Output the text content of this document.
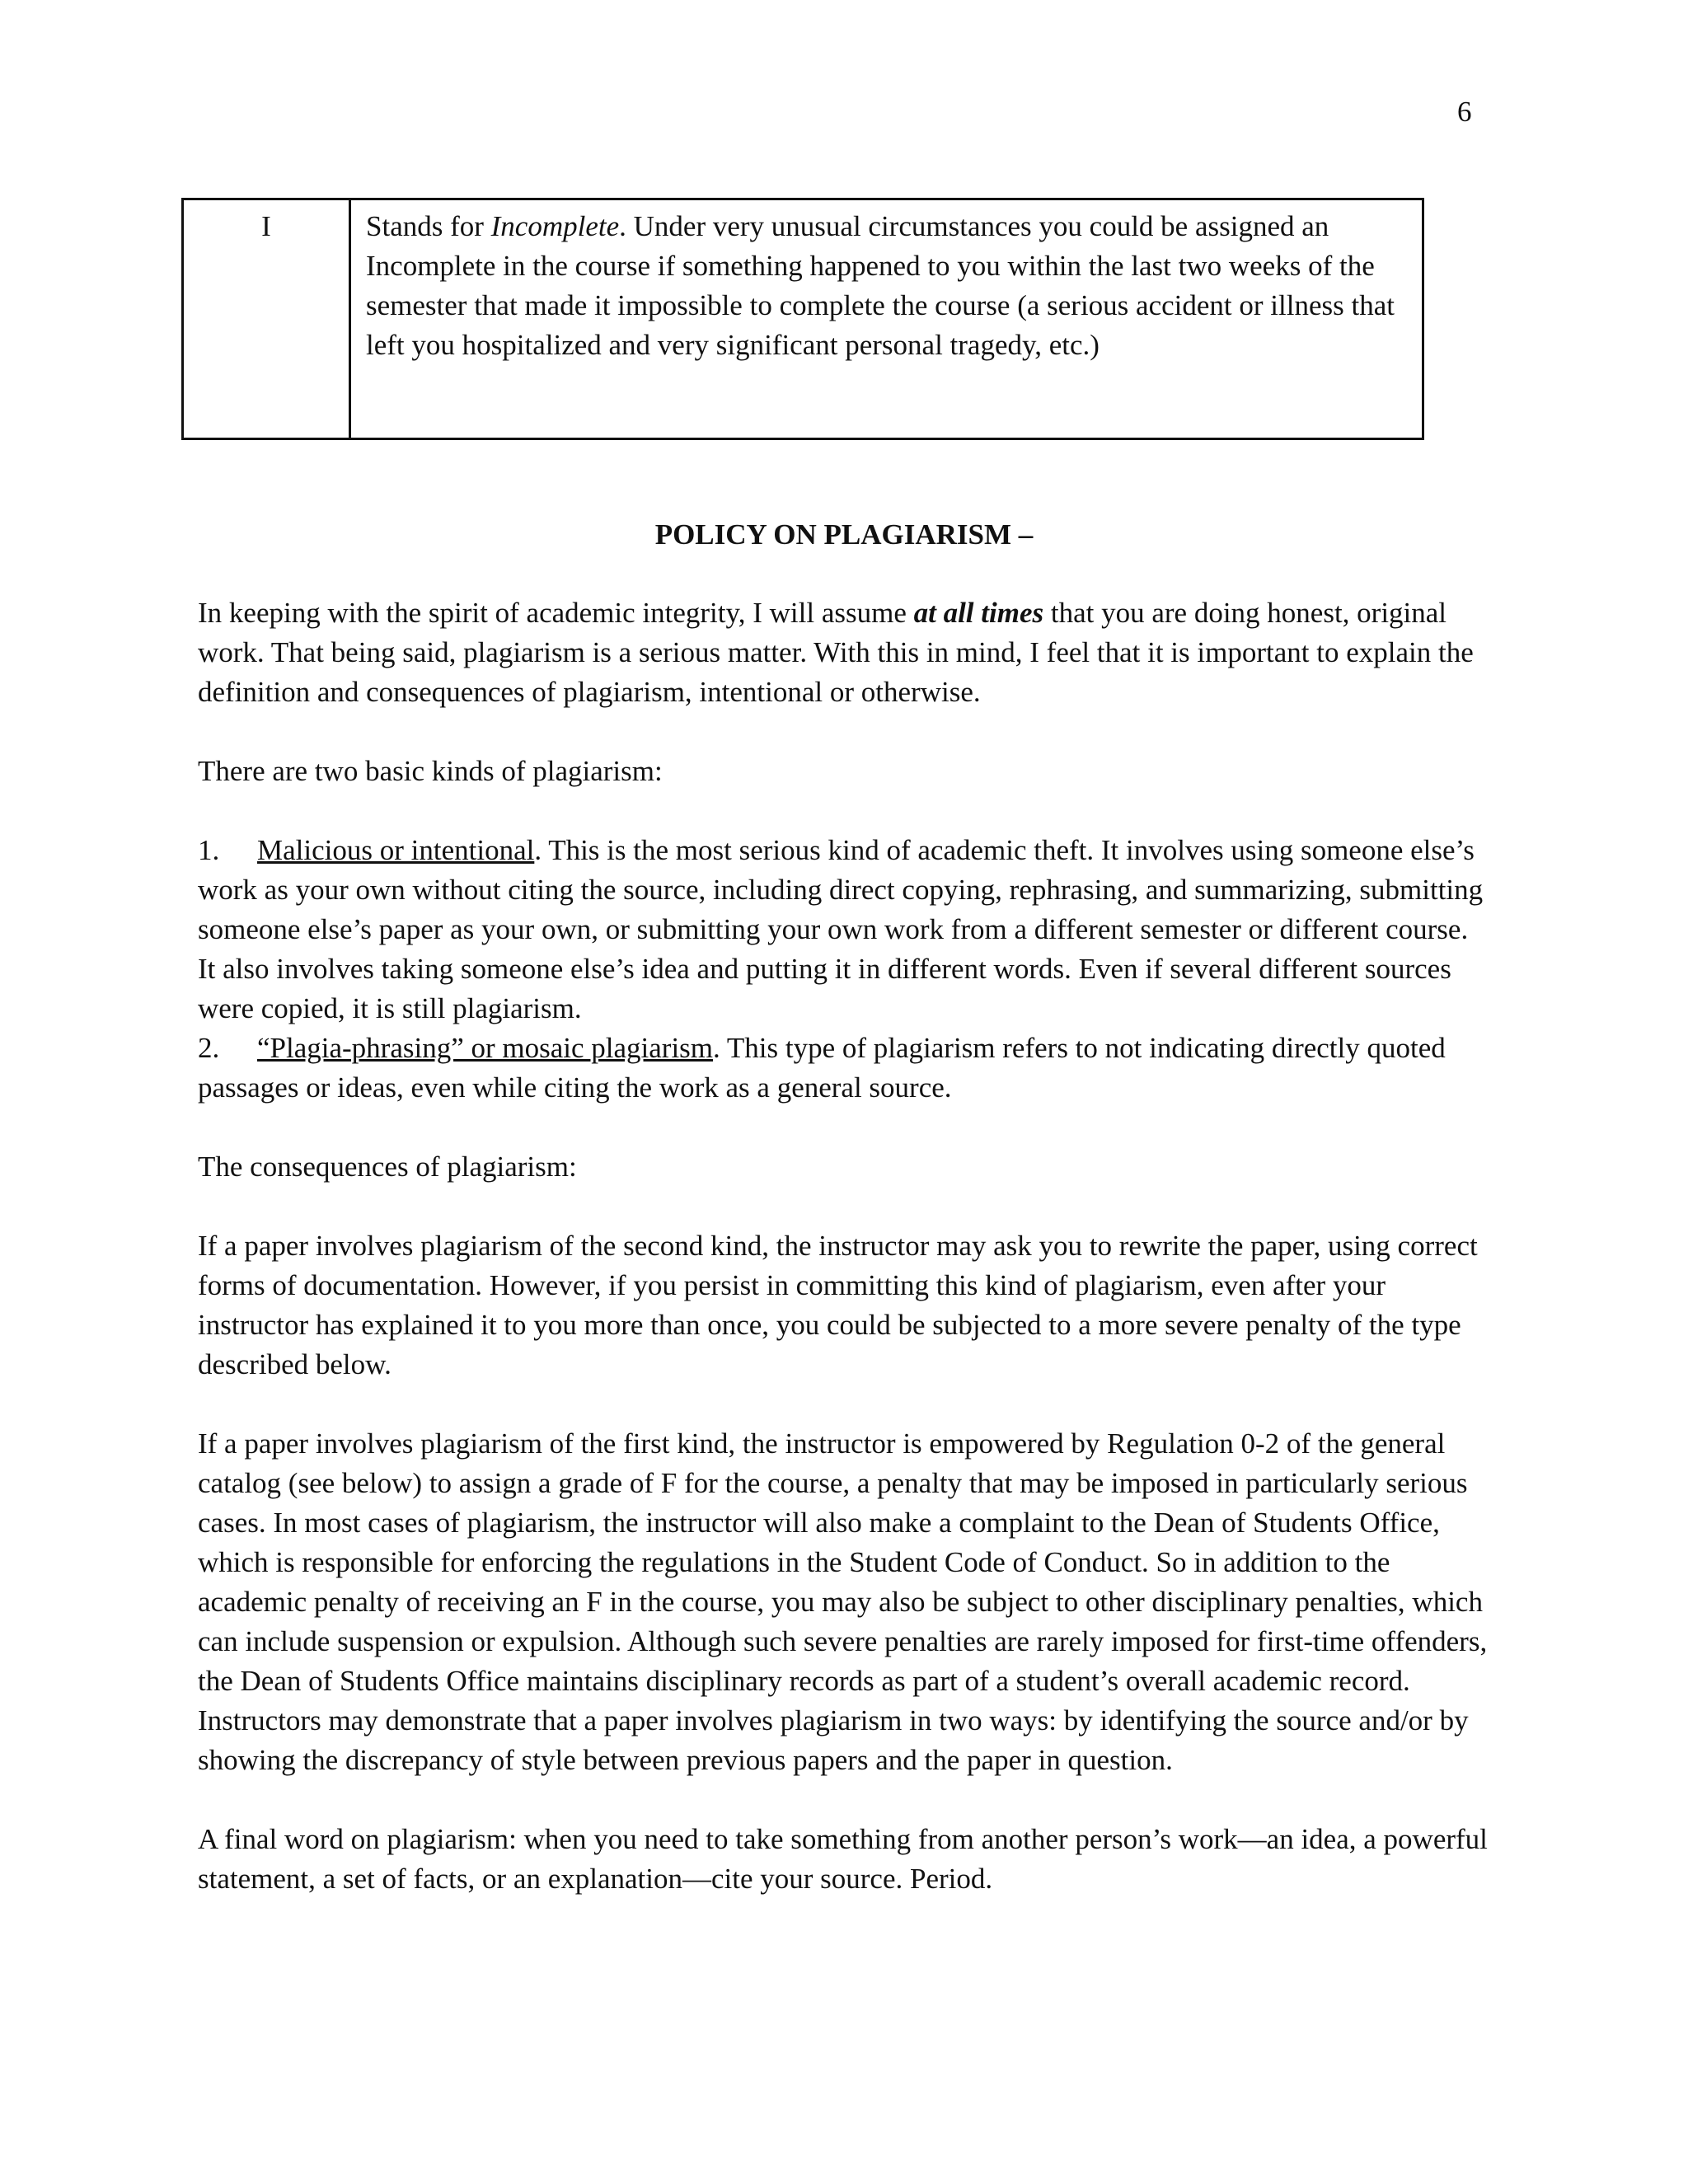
6
I	Stands for Incomplete. Under very unusual circumstances you could be assigned an Incomplete in the course if something happened to you within the last two weeks of the semester that made it impossible to complete the course (a serious accident or illness that left you hospitalized and very significant personal tragedy, etc.)
POLICY ON PLAGIARISM –

In keeping with the spirit of academic integrity, I will assume at all times that you are doing honest, original work. That being said, plagiarism is a serious matter. With this in mind, I feel that it is important to explain the definition and consequences of plagiarism, intentional or otherwise.

There are two basic kinds of plagiarism:

1. Malicious or intentional. This is the most serious kind of academic theft. It involves using someone else’s work as your own without citing the source, including direct copying, rephrasing, and summarizing, submitting someone else’s paper as your own, or submitting your own work from a different semester or different course. It also involves taking someone else’s idea and putting it in different words. Even if several different sources were copied, it is still plagiarism.

2. “Plagia-phrasing” or mosaic plagiarism. This type of plagiarism refers to not indicating directly quoted passages or ideas, even while citing the work as a general source.

The consequences of plagiarism:

If a paper involves plagiarism of the second kind, the instructor may ask you to rewrite the paper, using correct forms of documentation. However, if you persist in committing this kind of plagiarism, even after your instructor has explained it to you more than once, you could be subjected to a more severe penalty of the type described below.

If a paper involves plagiarism of the first kind, the instructor is empowered by Regulation 0-2 of the general catalog (see below) to assign a grade of F for the course, a penalty that may be imposed in particularly serious cases. In most cases of plagiarism, the instructor will also make a complaint to the Dean of Students Office, which is responsible for enforcing the regulations in the Student Code of Conduct. So in addition to the academic penalty of receiving an F in the course, you may also be subject to other disciplinary penalties, which can include suspension or expulsion. Although such severe penalties are rarely imposed for first-time offenders, the Dean of Students Office maintains disciplinary records as part of a student’s overall academic record.

Instructors may demonstrate that a paper involves plagiarism in two ways: by identifying the source and/or by showing the discrepancy of style between previous papers and the paper in question.

A final word on plagiarism: when you need to take something from another person’s work—an idea, a powerful statement, a set of facts, or an explanation—cite your source. Period.
